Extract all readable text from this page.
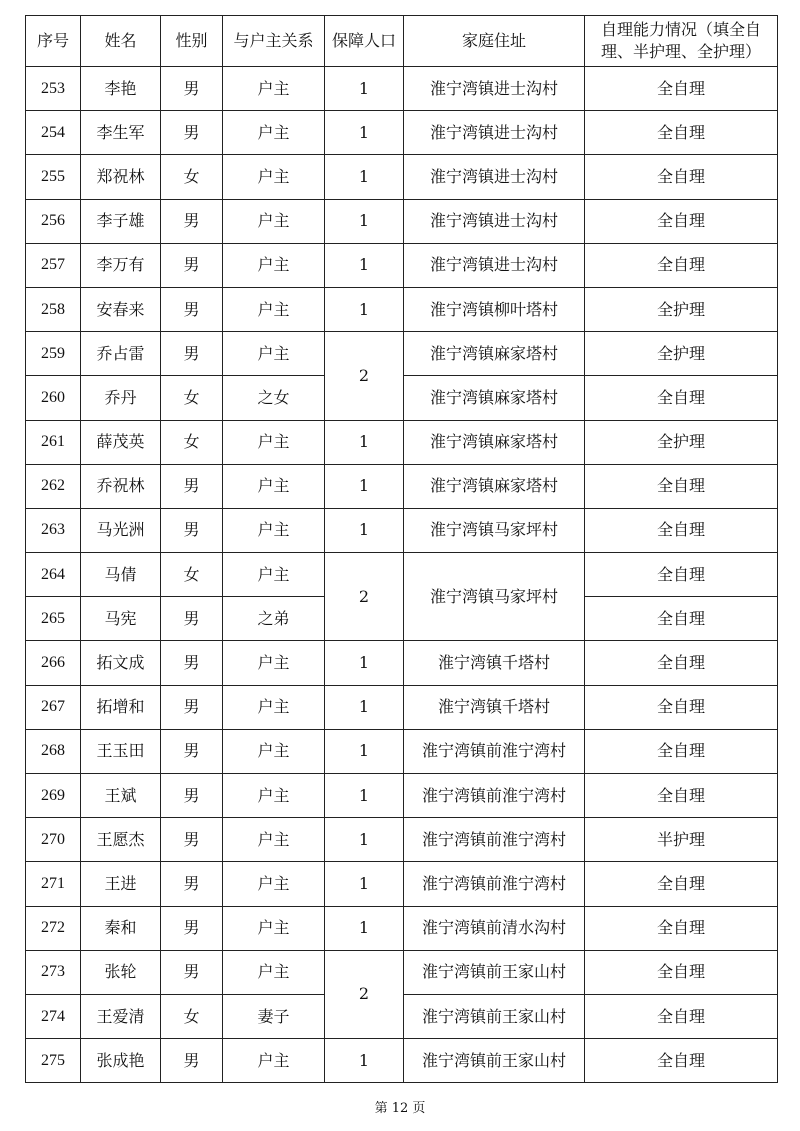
序号	姓名	性别	与户主关系	保障人口	家庭住址	自理能力情况（填全自理、半护理、全护理）
253	李艳	男	户主	1	淮宁湾镇进士沟村	全自理
254	李生军	男	户主	1	淮宁湾镇进士沟村	全自理
255	郑祝林	女	户主	1	淮宁湾镇进士沟村	全自理
256	李子雄	男	户主	1	淮宁湾镇进士沟村	全自理
257	李万有	男	户主	1	淮宁湾镇进士沟村	全自理
258	安春来	男	户主	1	淮宁湾镇柳叶塔村	全护理
259	乔占雷	男	户主	2	淮宁湾镇麻家塔村	全护理
260	乔丹	女	之女		淮宁湾镇麻家塔村	全自理
261	薛茂英	女	户主	1	淮宁湾镇麻家塔村	全护理
262	乔祝林	男	户主	1	淮宁湾镇麻家塔村	全自理
263	马光洲	男	户主	1	淮宁湾镇马家坪村	全自理
264	马倩	女	户主	2	淮宁湾镇马家坪村	全自理
265	马宪	男	之弟			全自理
266	拓文成	男	户主	1	淮宁湾镇千塔村	全自理
267	拓增和	男	户主	1	淮宁湾镇千塔村	全自理
268	王玉田	男	户主	1	淮宁湾镇前淮宁湾村	全自理
269	王斌	男	户主	1	淮宁湾镇前淮宁湾村	全自理
270	王愿杰	男	户主	1	淮宁湾镇前淮宁湾村	半护理
271	王进	男	户主	1	淮宁湾镇前淮宁湾村	全自理
272	秦和	男	户主	1	淮宁湾镇前清水沟村	全自理
273	张轮	男	户主	2	淮宁湾镇前王家山村	全自理
274	王爱清	女	妻子		淮宁湾镇前王家山村	全自理
275	张成艳	男	户主	1	淮宁湾镇前王家山村	全自理
第 12 页
